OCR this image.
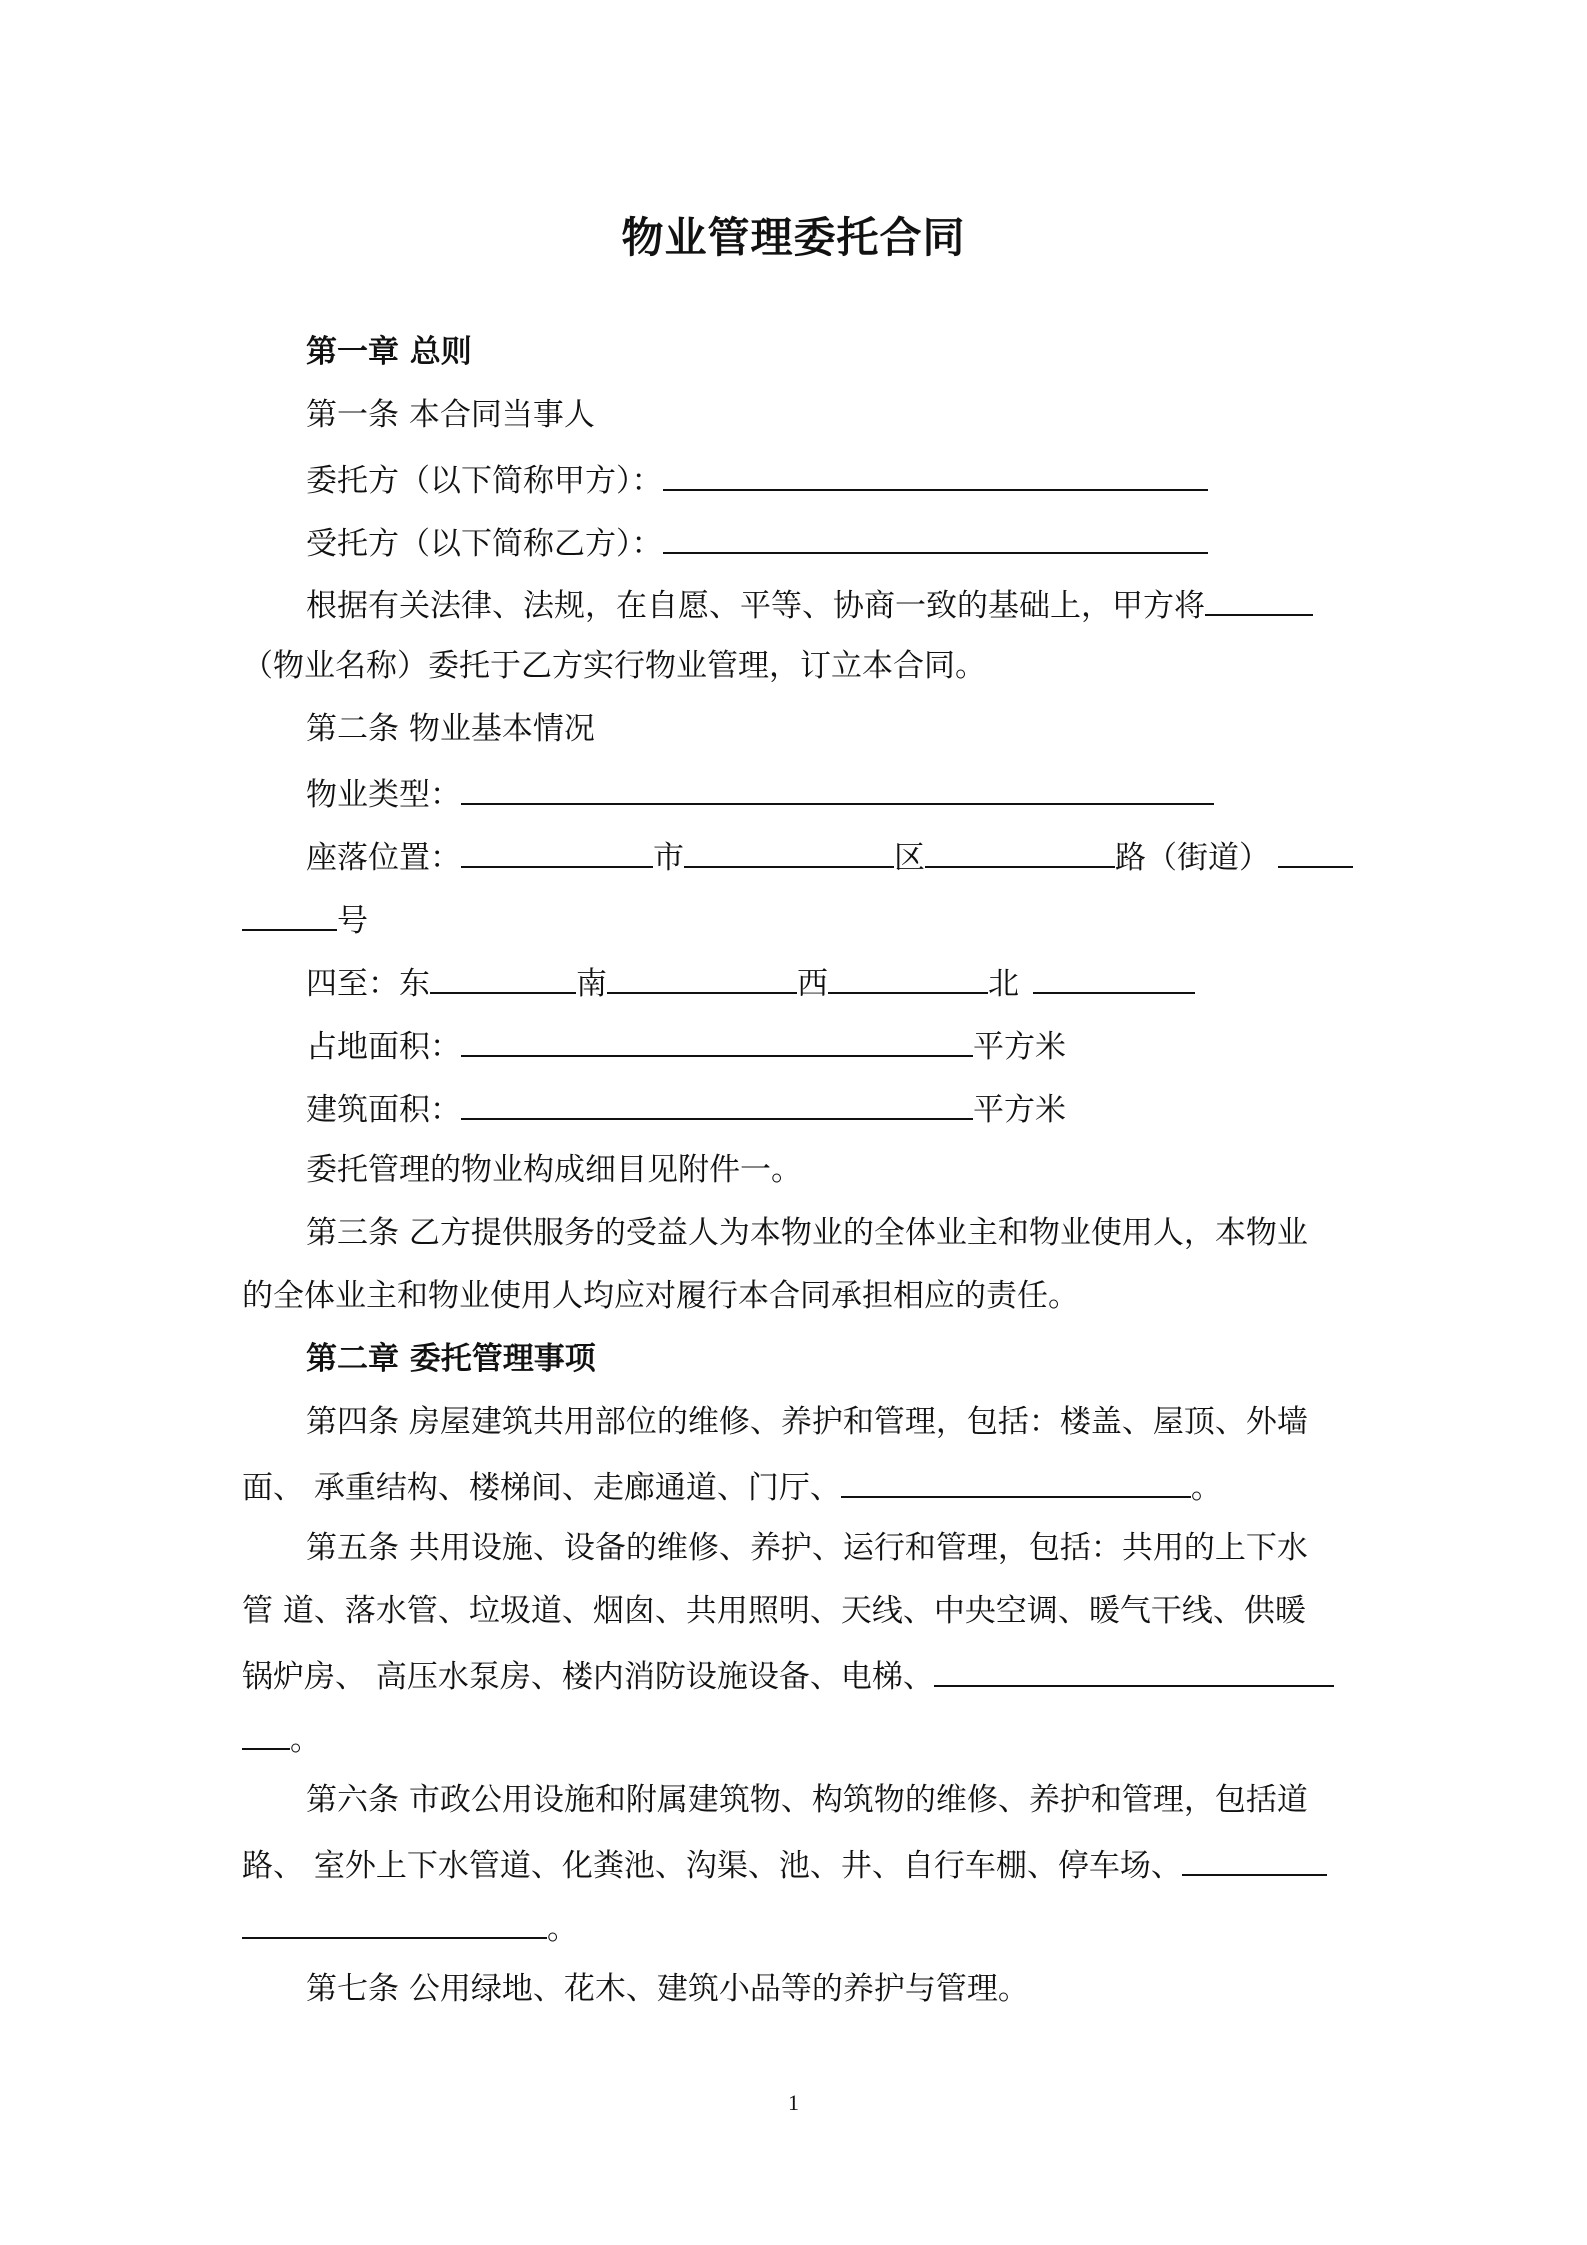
物业管理委托合同
第一章 总则
第一条 本合同当事人
委托方（以下简称甲方）：
受托方（以下简称乙方）：
根据有关法律、法规，在自愿、平等、协商一致的基础上，甲方将
（物业名称）委托于乙方实行物业管理，订立本合同。
第二条 物业基本情况
物业类型：
座落位置：	市	区	路（街道）
号
四至：东	南	西	北
占地面积：	平方米
建筑面积：	平方米
委托管理的物业构成细目见附件一。
第三条 乙方提供服务的受益人为本物业的全体业主和物业使用人，本物业
的全体业主和物业使用人均应对履行本合同承担相应的责任。
第二章 委托管理事项
第四条 房屋建筑共用部位的维修、养护和管理，包括：楼盖、屋顶、外墙
面、 承重结构、楼梯间、走廊通道、门厅、	。
第五条 共用设施、设备的维修、养护、运行和管理，包括：共用的上下水
管 道、落水管、垃圾道、烟囱、共用照明、天线、中央空调、暖气干线、供暖
锅炉房、 高压水泵房、楼内消防设施设备、电梯、
。
第六条 市政公用设施和附属建筑物、构筑物的维修、养护和管理，包括道
路、 室外上下水管道、化粪池、沟渠、池、井、自行车棚、停车场、
。
第七条 公用绿地、花木、建筑小品等的养护与管理。
1
